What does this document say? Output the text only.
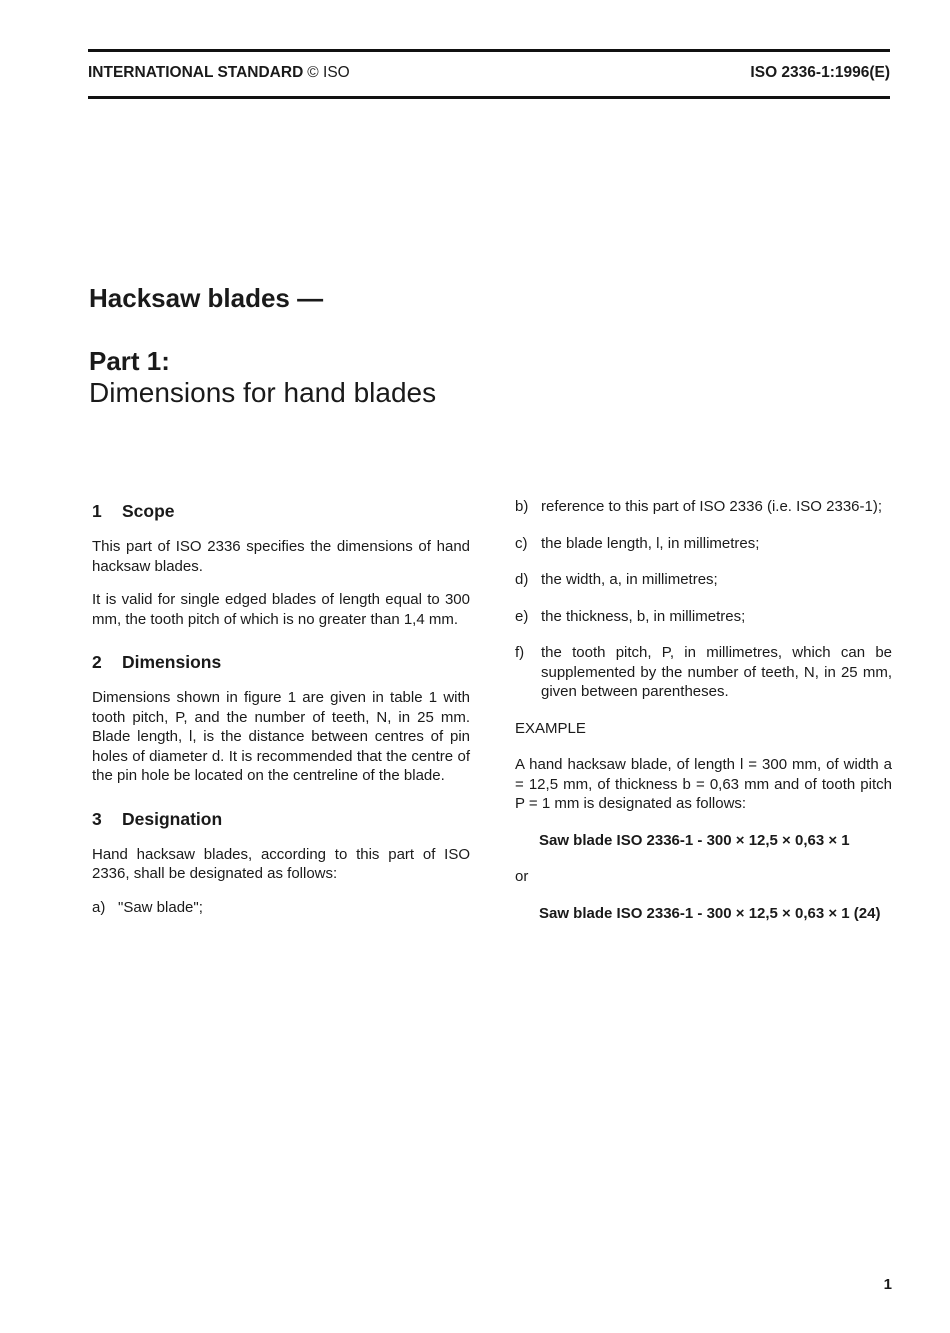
INTERNATIONAL STANDARD © ISO	ISO 2336-1:1996(E)
Hacksaw blades —
Part 1:
Dimensions for hand blades
1 Scope

This part of ISO 2336 specifies the dimensions of hand hacksaw blades.

It is valid for single edged blades of length equal to 300 mm, the tooth pitch of which is no greater than 1,4 mm.

2 Dimensions

Dimensions shown in figure 1 are given in table 1 with tooth pitch, P, and the number of teeth, N, in 25 mm. Blade length, l, is the distance between centres of pin holes of diameter d. It is recommended that the centre of the pin hole be located on the centreline of the blade.

3 Designation

Hand hacksaw blades, according to this part of ISO 2336, shall be designated as follows:

a) "Saw blade";
b) reference to this part of ISO 2336 (i.e. ISO 2336-1);
c) the blade length, l, in millimetres;
d) the width, a, in millimetres;
e) the thickness, b, in millimetres;
f) the tooth pitch, P, in millimetres, which can be supplemented by the number of teeth, N, in 25 mm, given between parentheses.
EXAMPLE

A hand hacksaw blade, of length l = 300 mm, of width a = 12,5 mm, of thickness b = 0,63 mm and of tooth pitch P = 1 mm is designated as follows:

Saw blade ISO 2336-1 - 300 × 12,5 × 0,63 × 1
or
Saw blade ISO 2336-1 - 300 × 12,5 × 0,63 × 1 (24)
1
